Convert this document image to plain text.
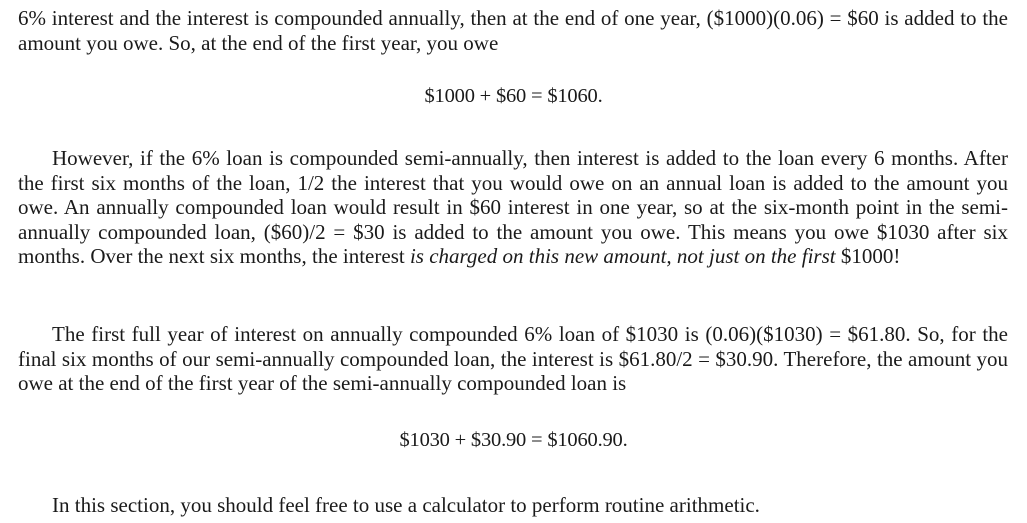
6% interest and the interest is compounded annually, then at the end of one year, ($1000)(0.06) = $60 is added to the amount you owe. So, at the end of the first year, you owe

$1000 + $60 = $1060.

However, if the 6% loan is compounded semi-annually, then interest is added to the loan every 6 months. After the first six months of the loan, 1/2 the interest that you would owe on an annual loan is added to the amount you owe. An annually compounded loan would result in $60 interest in one year, so at the six-month point in the semi-annually compounded loan, ($60)/2 = $30 is added to the amount you owe. This means you owe $1030 after six months. Over the next six months, the interest is charged on this new amount, not just on the first $1000!

The first full year of interest on annually compounded 6% loan of $1030 is (0.06)($1030) = $61.80. So, for the final six months of our semi-annually compounded loan, the interest is $61.80/2 = $30.90. Therefore, the amount you owe at the end of the first year of the semi-annually compounded loan is

$1030 + $30.90 = $1060.90.

In this section, you should feel free to use a calculator to perform routine arithmetic.
